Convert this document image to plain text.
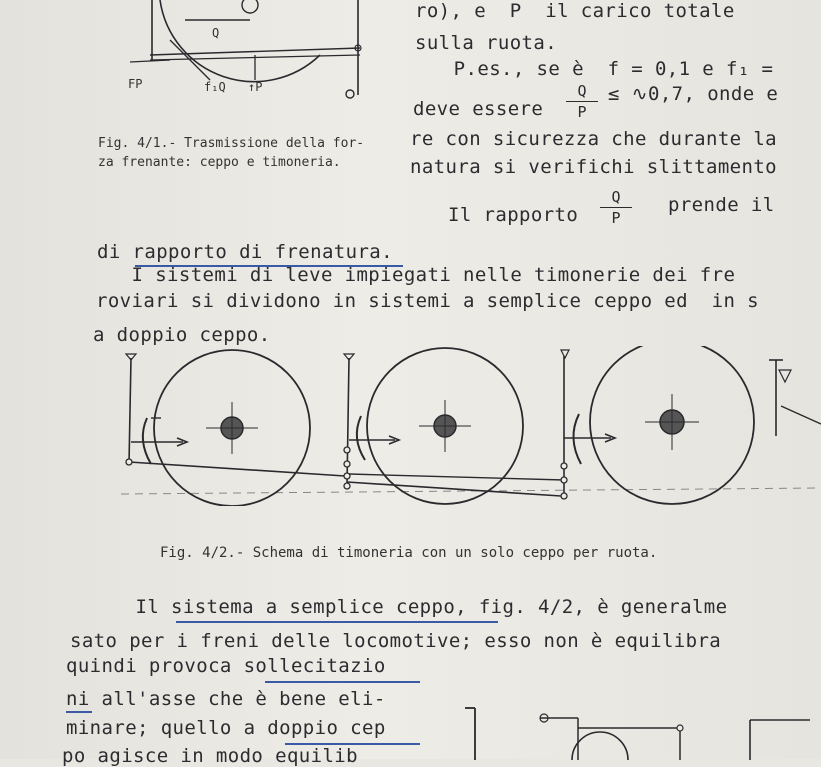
Q
FP	f₁Q ↑P
Fig. 4/1.- Trasmissione della for-
za frenante: ceppo e timoneria.
ro), e  P  il carico totale
sulla ruota.
P.es., se è  f = 0,1 e f₁ =
deve essere
Q
P
≤ ∿0,7, onde e
re con sicurezza che durante la
natura si verifichi slittamento
Il rapporto
Q
P
prende il
di rapporto di frenatura.
I sistemi di leve impiegati nelle timonerie dei fre
roviari si dividono in sistemi a semplice ceppo ed  in s
a doppio ceppo.
Fig. 4/2.- Schema di timoneria con un solo ceppo per ruota.
Il sistema a semplice ceppo, fig. 4/2, è generalme
sato per i freni delle locomotive; esso non è equilibra
quindi provoca sollecitazio
ni all'asse che è bene eli-
minare; quello a doppio cep
po agisce in modo equilib
